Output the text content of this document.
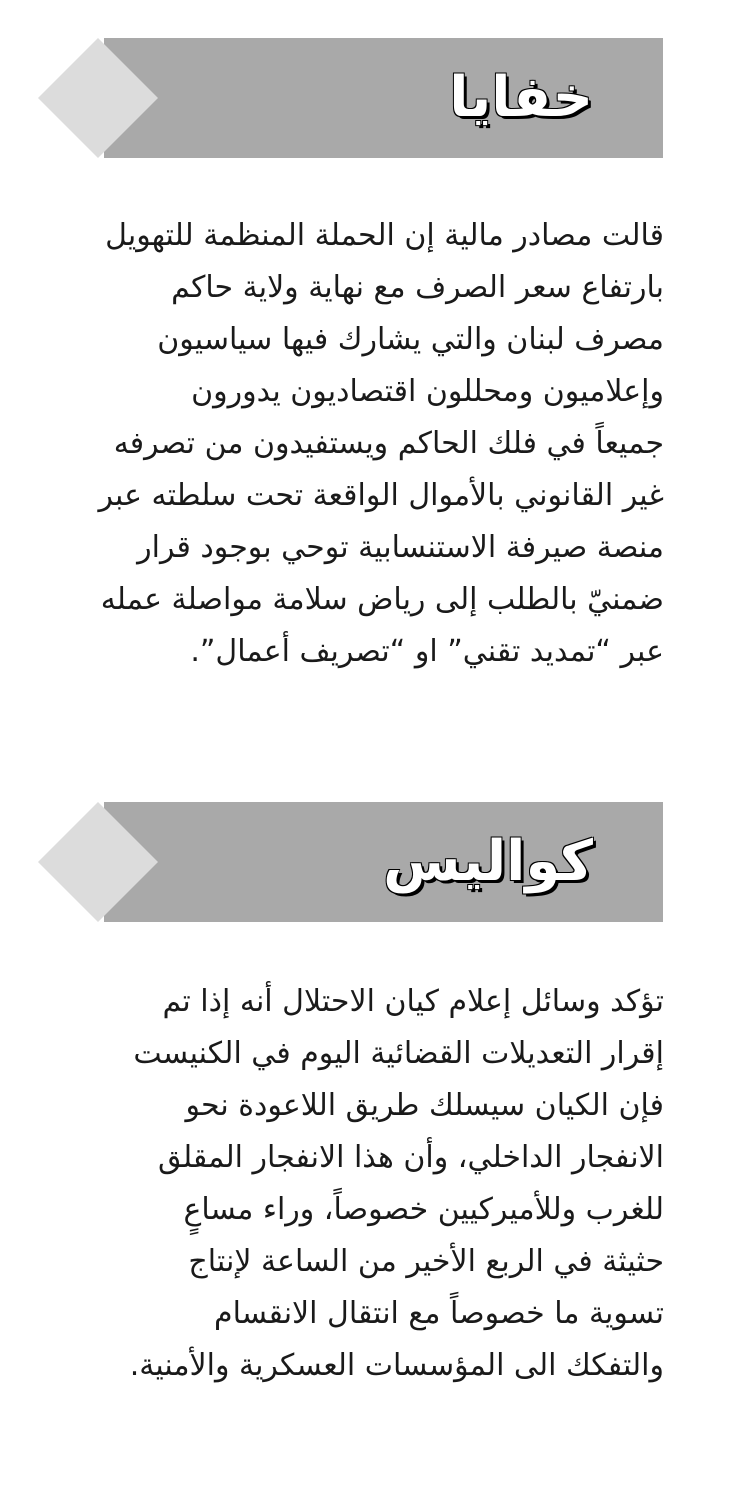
خفايا
قالت مصادر مالية إن الحملة المنظمة للتهويل
بارتفاع سعر الصرف مع نهاية ولاية حاكم
مصرف لبنان والتي يشارك فيها سياسيون
وإعلاميون ومحللون اقتصاديون يدورون
جميعاً في فلك الحاكم ويستفيدون من تصرفه
غير القانوني بالأموال الواقعة تحت سلطته عبر
منصة صيرفة الاستنسابية توحي بوجود قرار
ضمنيّ بالطلب إلى رياض سلامة مواصلة عمله
عبر “تمديد تقني” او “تصريف أعمال”.
كواليس
تؤكد وسائل إعلام كيان الاحتلال أنه إذا تم
إقرار التعديلات القضائية اليوم في الكنيست
فإن الكيان سيسلك طريق اللاعودة نحو
الانفجار الداخلي، وأن هذا الانفجار المقلق
للغرب وللأميركيين خصوصاً، وراء مساعٍ
حثيثة في الربع الأخير من الساعة لإنتاج
تسوية ما خصوصاً مع انتقال الانقسام
والتفكك الى المؤسسات العسكرية والأمنية.
